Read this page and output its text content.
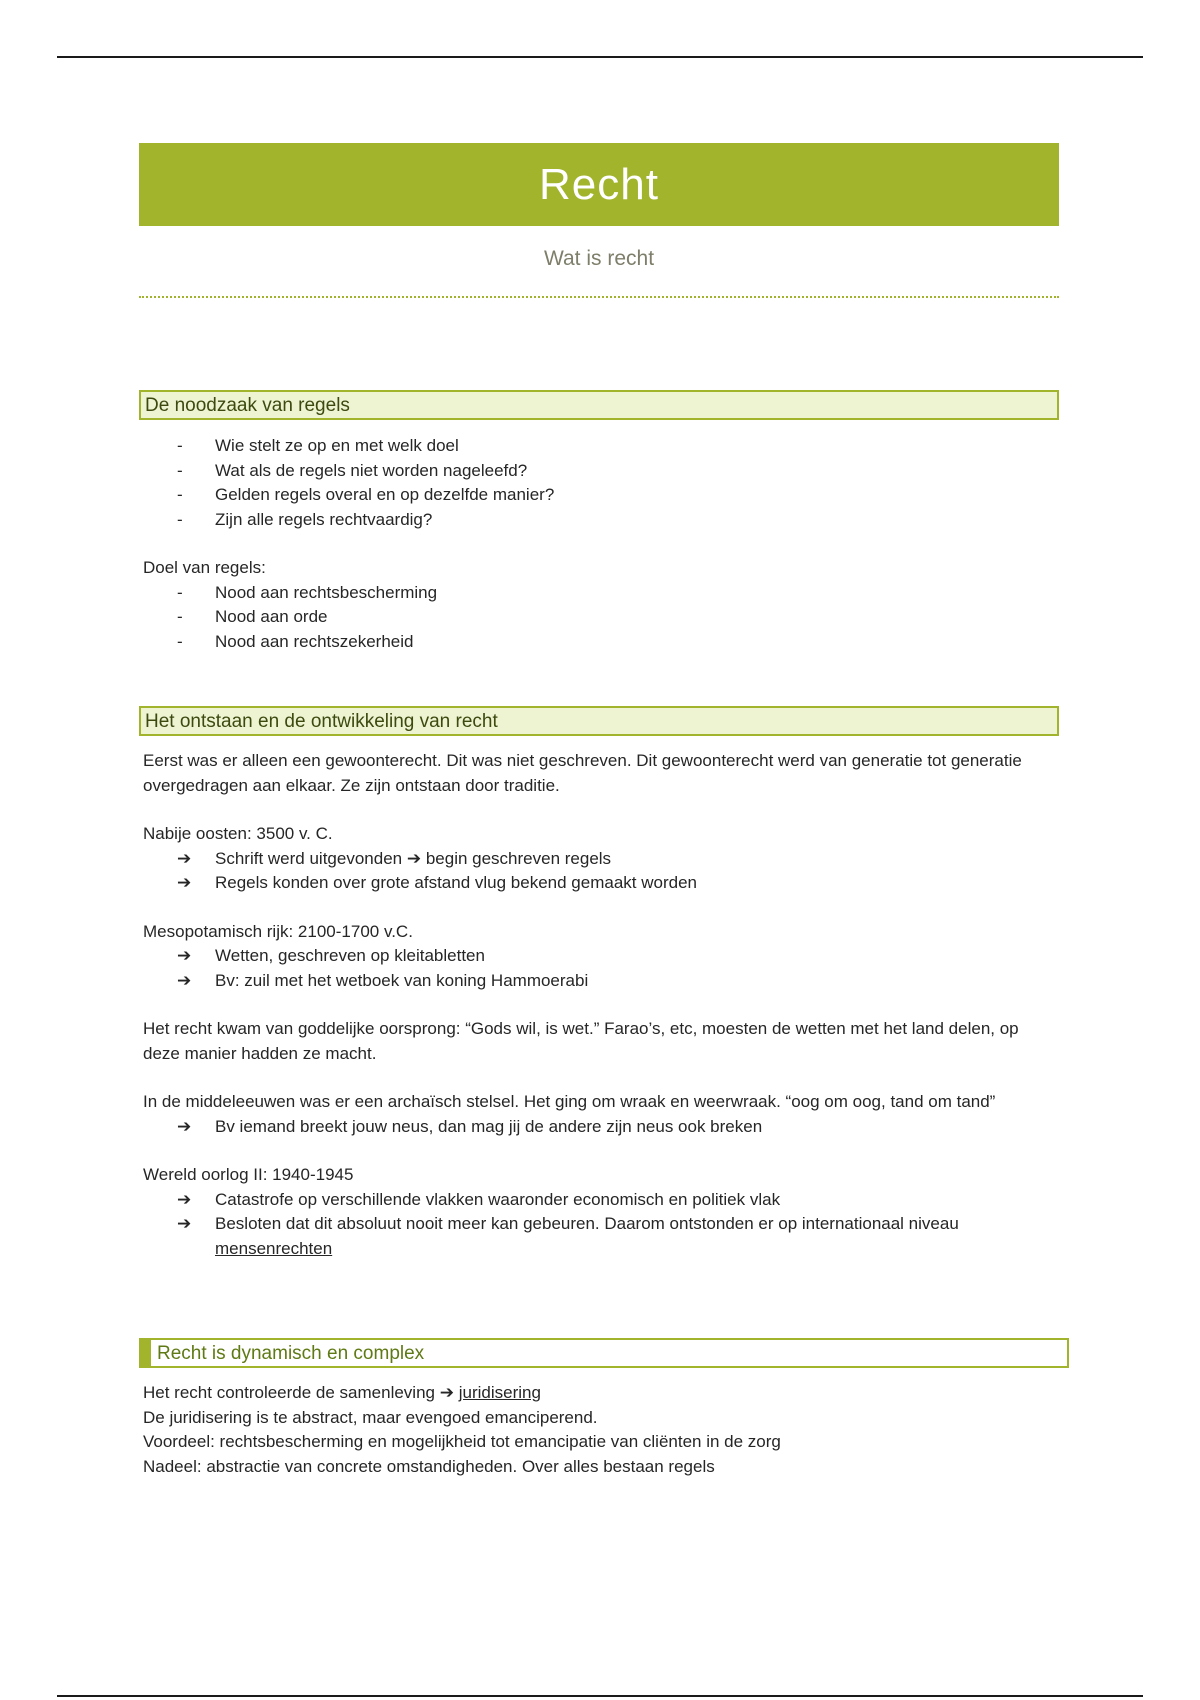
Recht
Wat is recht
De noodzaak van regels
-	Wie stelt ze op en met welk doel
-	Wat als de regels niet worden nageleefd?
-	Gelden regels overal en op dezelfde manier?
-	Zijn alle regels rechtvaardig?

Doel van regels:

-	Nood aan rechtsbescherming
-	Nood aan orde
-	Nood aan rechtszekerheid
Het ontstaan en de ontwikkeling van recht

Eerst was er alleen een gewoonterecht. Dit was niet geschreven. Dit gewoonterecht werd van generatie tot generatie overgedragen aan elkaar. Ze zijn ontstaan door traditie.

Nabije oosten: 3500 v. C.

➔	Schrift werd uitgevonden ➔ begin geschreven regels
➔	Regels konden over grote afstand vlug bekend gemaakt worden

Mesopotamisch rijk: 2100-1700 v.C.

➔	Wetten, geschreven op kleitabletten
➔	Bv: zuil met het wetboek van koning Hammoerabi

Het recht kwam van goddelijke oorsprong: “Gods wil, is wet.” Farao’s, etc, moesten de wetten met het land delen, op deze manier hadden ze macht.

In de middeleeuwen was er een archaïsch stelsel. Het ging om wraak en weerwraak. “oog om oog, tand om tand”

➔	Bv iemand breekt jouw neus, dan mag jij de andere zijn neus ook breken

Wereld oorlog II: 1940-1945

➔	Catastrofe op verschillende vlakken waaronder economisch en politiek vlak
➔	Besloten dat dit absoluut nooit meer kan gebeuren. Daarom ontstonden er op internationaal niveau mensenrechten
Recht is dynamisch en complex

Het recht controleerde de samenleving ➔ juridisering

De juridisering is te abstract, maar evengoed emanciperend.

Voordeel: rechtsbescherming en mogelijkheid tot emancipatie van cliënten in de zorg

Nadeel: abstractie van concrete omstandigheden. Over alles bestaan regels
